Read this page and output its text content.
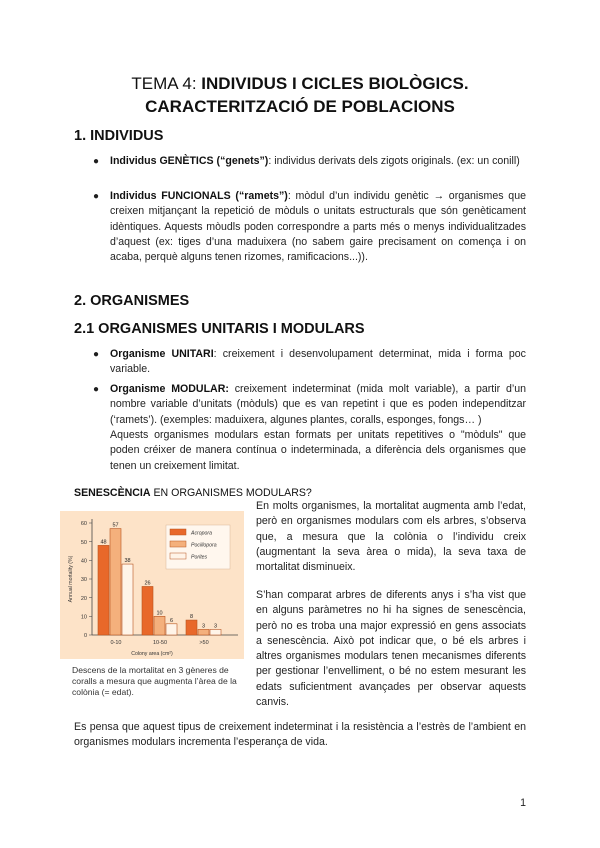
TEMA 4: INDIVIDUS I CICLES BIOLÒGICS.
CARACTERITZACIÓ DE POBLACIONS
1. INDIVIDUS
● Individus GENÈTICS (“genets”): individus derivats dels zigots originals. (ex: un conill)
● Individus FUNCIONALS (“ramets”): mòdul d’un individu genètic → organismes que creixen mitjançant la repetició de mòduls o unitats estructurals que són genèticament idèntiques. Aquests mòudls poden correspondre a parts més o menys individualitzades d’aquest (ex: tiges d’una maduixera (no sabem gaire precisament on comença i on acaba, perquè alguns tenen rizomes, ramificacions...)).
2. ORGANISMES
2.1 ORGANISMES UNITARIS I MODULARS
● Organisme UNITARI: creixement i desenvolupament determinat, mida i forma poc variable.
● Organisme MODULAR: creixement indeterminat (mida molt variable), a partir d’un nombre variable d’unitats (mòduls) que es van repetint i que es poden independitzar (‘ramets’). (exemples: maduixera, algunes plantes, coralls, esponges, fongs… )
Aquests organismes modulars estan formats per unitats repetitives o "mòduls" que poden créixer de manera contínua o indeterminada, a diferència dels organismes que tenen un creixement limitat.
SENESCÈNCIA EN ORGANISMES MODULARS?
0
10
20
30
40
50
60
Annual mortality (%)
Colony area (cm²)
48
57
38
0-10
26
10
6
10-50
8
3 3
>50
Acropora
Pocillopora
Porites
Descens de la mortalitat en 3 gèneres de coralls a mesura que augmenta l’àrea de la colònia (= edat).
En molts organismes, la mortalitat augmenta amb l’edat, però en organismes modulars com els arbres, s’observa que, a mesura que la colònia o l’individu creix (augmentant la seva àrea o mida), la seva taxa de mortalitat disminueix.
S’han comparat arbres de diferents anys i s’ha vist que en alguns paràmetres no hi ha signes de senescència, però no es troba una major expressió en gens associats a senescència. Això pot indicar que, o bé els arbres i altres organismes modulars tenen mecanismes diferents per gestionar l’envelliment, o bé no estem mesurant les edats suficientment avançades per observar aquests canvis.
Es pensa que aquest tipus de creixement indeterminat i la resistència a l’estrès de l’ambient en organismes modulars incrementa l’esperança de vida.
1
